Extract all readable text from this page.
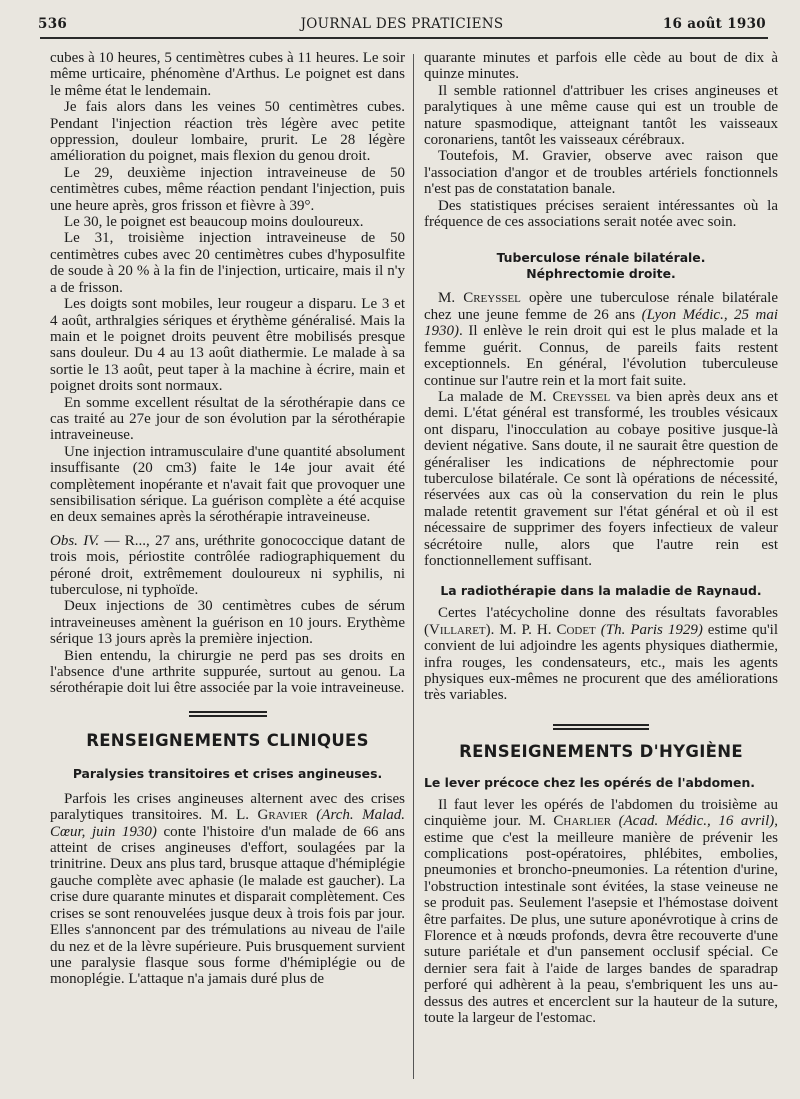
536	JOURNAL DES PRATICIENS	16 août 1930

cubes à 10 heures, 5 centimètres cubes à 11 heures. Le soir même urticaire, phénomène d'Arthus. Le poignet est dans le même état le lendemain.

Je fais alors dans les veines 50 centimètres cubes. Pendant l'injection réaction très légère avec petite oppression, douleur lombaire, prurit. Le 28 légère amélioration du poignet, mais flexion du genou droit.

Le 29, deuxième injection intraveineuse de 50 centimètres cubes, même réaction pendant l'injection, puis une heure après, gros frisson et fièvre à 39°.

Le 30, le poignet est beaucoup moins douloureux.

Le 31, troisième injection intraveineuse de 50 centimètres cubes avec 20 centimètres cubes d'hyposulfite de soude à 20 % à la fin de l'injection, urticaire, mais il n'y a de frisson.

Les doigts sont mobiles, leur rougeur a disparu. Le 3 et 4 août, arthralgies sériques et érythème généralisé. Mais la main et le poignet droits peuvent être mobilisés presque sans douleur. Du 4 au 13 août diathermie. Le malade à sa sortie le 13 août, peut taper à la machine à écrire, main et poignet droits sont normaux.

En somme excellent résultat de la sérothérapie dans ce cas traité au 27e jour de son évolution par la sérothérapie intraveineuse.

Une injection intramusculaire d'une quantité absolument insuffisante (20 cm3) faite le 14e jour avait été complètement inopérante et n'avait fait que provoquer une sensibilisation sérique. La guérison complète a été acquise en deux semaines après la sérothérapie intraveineuse.

Obs. IV. — R..., 27 ans, uréthrite gonococcique datant de trois mois, périostite contrôlée radiographiquement du péroné droit, extrêmement douloureux ni syphilis, ni tuberculose, ni typhoïde.

Deux injections de 30 centimètres cubes de sérum intraveineuses amènent la guérison en 10 jours. Erythème sérique 13 jours après la première injection.

Bien entendu, la chirurgie ne perd pas ses droits en l'absence d'une arthrite suppurée, surtout au genou. La sérothérapie doit lui être associée par la voie intraveineuse.

RENSEIGNEMENTS CLINIQUES
Paralysies transitoires et crises angineuses.

Parfois les crises angineuses alternent avec des crises paralytiques transitoires. M. L. Gravier (Arch. Malad. Cœur, juin 1930) conte l'histoire d'un malade de 66 ans atteint de crises angineuses d'effort, soulagées par la trinitrine. Deux ans plus tard, brusque attaque d'hémiplégie gauche complète avec aphasie (le malade est gaucher). La crise dure quarante minutes et disparait complètement. Ces crises se sont renouvelées jusque deux à trois fois par jour. Elles s'annoncent par des trémulations au niveau de l'aile du nez et de la lèvre supérieure. Puis brusquement survient une paralysie flasque sous forme d'hémiplégie ou de monoplégie. L'attaque n'a jamais duré plus de

quarante minutes et parfois elle cède au bout de dix à quinze minutes.

Il semble rationnel d'attribuer les crises angineuses et paralytiques à une même cause qui est un trouble de nature spasmodique, atteignant tantôt les vaisseaux coronariens, tantôt les vaisseaux cérébraux.

Toutefois, M. Gravier, observe avec raison que l'association d'angor et de troubles artériels fonctionnels n'est pas de constatation banale.

Des statistiques précises seraient intéressantes où la fréquence de ces associations serait notée avec soin.

Tuberculose rénale bilatérale.
Néphrectomie droite.

M. Creyssel opère une tuberculose rénale bilatérale chez une jeune femme de 26 ans (Lyon Médic., 25 mai 1930). Il enlève le rein droit qui est le plus malade et la femme guérit. Connus, de pareils faits restent exceptionnels. En général, l'évolution tuberculeuse continue sur l'autre rein et la mort fait suite.

La malade de M. Creyssel va bien après deux ans et demi. L'état général est transformé, les troubles vésicaux ont disparu, l'inocculation au cobaye positive jusque-là devient négative. Sans doute, il ne saurait être question de généraliser les indications de néphrectomie pour tuberculose bilatérale. Ce sont là opérations de nécessité, réservées aux cas où la conservation du rein le plus malade retentit gravement sur l'état général et où il est nécessaire de supprimer des foyers infectieux de valeur sécrétoire nulle, alors que l'autre rein est fonctionnellement suffisant.

La radiothérapie dans la maladie de Raynaud.

Certes l'atécycholine donne des résultats favorables (Villaret). M. P. H. Codet (Th. Paris 1929) estime qu'il convient de lui adjoindre les agents physiques diathermie, infra rouges, les condensateurs, etc., mais les agents physiques eux-mêmes ne procurent que des améliorations très variables.

RENSEIGNEMENTS D'HYGIÈNE
Le lever précoce chez les opérés de l'abdomen.

Il faut lever les opérés de l'abdomen du troisième au cinquième jour. M. Charlier (Acad. Médic., 16 avril), estime que c'est la meilleure manière de prévenir les complications post-opératoires, phlébites, embolies, pneumonies et broncho-pneumonies. La rétention d'urine, l'obstruction intestinale sont évitées, la stase veineuse ne se produit pas. Seulement l'asepsie et l'hémostase doivent être parfaites. De plus, une suture aponévrotique à crins de Florence et à nœuds profonds, devra être recouverte d'une suture pariétale et d'un pansement occlusif spécial. Ce dernier sera fait à l'aide de larges bandes de sparadrap perforé qui adhèrent à la peau, s'embriquent les uns au-dessus des autres et encerclent sur la hauteur de la suture, toute la largeur de l'estomac.
